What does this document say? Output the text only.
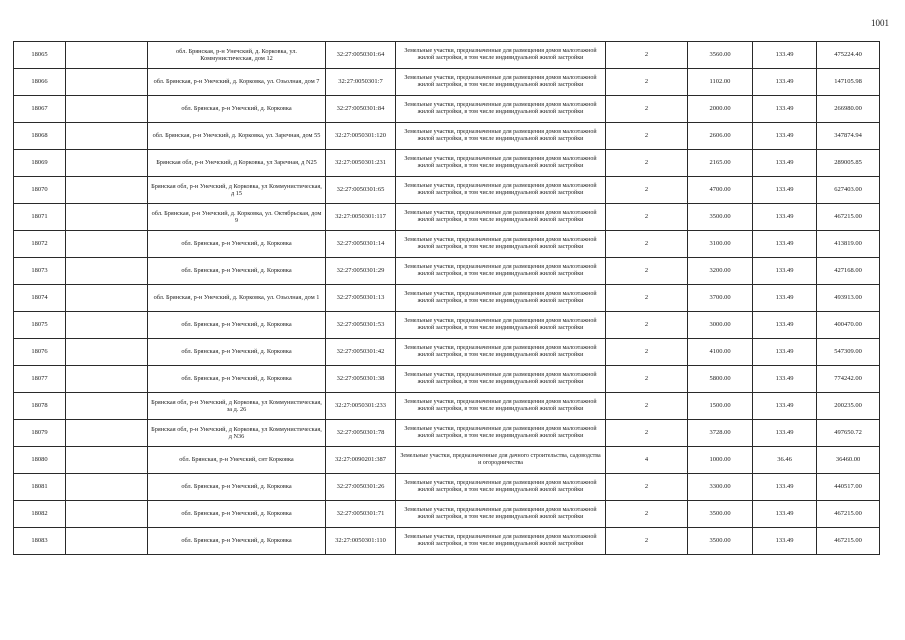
1001
18065		обл. Брянская, р-н Унечский, д. Корковка, ул. Коммунистическая, дом 12	32:27:0050301:64	Земельные участки, предназначенные для размещения домов малоэтажной жилой застройки, в том числе индивидуальной жилой застройки	2	3560.00	133.49	475224.40
18066		обл. Брянская, р-н Унечский, д. Корковка, ул. Озьолная, дом 7	32:27:0050301:7	Земельные участки, предназначенные для размещения домов малоэтажной жилой застройки, в том числе индивидуальной жилой застройки	2	1102.00	133.49	147105.98
18067		обл. Брянская, р-н Унечский, д. Корковка	32:27:0050301:84	Земельные участки, предназначенные для размещения домов малоэтажной жилой застройки, в том числе индивидуальной жилой застройки	2	2000.00	133.49	266980.00
18068		обл. Брянская, р-н Унечский, д. Корковка, ул. Заречная, дом 55	32:27:0050301:120	Земельные участки, предназначенные для размещения домов малоэтажной жилой застройки, в том числе индивидуальной жилой застройки	2	2606.00	133.49	347874.94
18069		Брянская обл, р-н Унечский, д Корковка, ул Заречная, д N25	32:27:0050301:231	Земельные участки, предназначенные для размещения домов малоэтажной жилой застройки, в том числе индивидуальной жилой застройки	2	2165.00	133.49	289005.85
18070		Брянская обл, р-н Унечский, д Корковка, ул Коммунистическая, д 15	32:27:0050301:65	Земельные участки, предназначенные для размещения домов малоэтажной жилой застройки, в том числе индивидуальной жилой застройки	2	4700.00	133.49	627403.00
18071		обл. Брянская, р-н Унечский, д. Корковка, ул. Октябрьская, дом 9	32:27:0050301:117	Земельные участки, предназначенные для размещения домов малоэтажной жилой застройки, в том числе индивидуальной жилой застройки	2	3500.00	133.49	467215.00
18072		обл. Брянская, р-н Унечский, д. Корковка	32:27:0050301:14	Земельные участки, предназначенные для размещения домов малоэтажной жилой застройки, в том числе индивидуальной жилой застройки	2	3100.00	133.49	413819.00
18073		обл. Брянская, р-н Унечский, д. Корковка	32:27:0050301:29	Земельные участки, предназначенные для размещения домов малоэтажной жилой застройки, в том числе индивидуальной жилой застройки	2	3200.00	133.49	427168.00
18074		обл. Брянская, р-н Унечский, д. Корковка, ул. Озьолная, дом 1	32:27:0050301:13	Земельные участки, предназначенные для размещения домов малоэтажной жилой застройки, в том числе индивидуальной жилой застройки	2	3700.00	133.49	493913.00
18075		обл. Брянская, р-н Унечский, д. Корковка	32:27:0050301:53	Земельные участки, предназначенные для размещения домов малоэтажной жилой застройки, в том числе индивидуальной жилой застройки	2	3000.00	133.49	400470.00
18076		обл. Брянская, р-н Унечский, д. Корковка	32:27:0050301:42	Земельные участки, предназначенные для размещения домов малоэтажной жилой застройки, в том числе индивидуальной жилой застройки	2	4100.00	133.49	547309.00
18077		обл. Брянская, р-н Унечский, д. Корковка	32:27:0050301:38	Земельные участки, предназначенные для размещения домов малоэтажной жилой застройки, в том числе индивидуальной жилой застройки	2	5800.00	133.49	774242.00
18078		Брянская обл, р-н Унечский, д Корковка, ул Коммунистическая, за д. 26	32:27:0050301:233	Земельные участки, предназначенные для размещения домов малоэтажной жилой застройки, в том числе индивидуальной жилой застройки	2	1500.00	133.49	200235.00
18079		Брянская обл, р-н Унечский, д Корковка, ул Коммунистическая, д N36	32:27:0050301:78	Земельные участки, предназначенные для размещения домов малоэтажной жилой застройки, в том числе индивидуальной жилой застройки	2	3728.00	133.49	497650.72
18080		обл. Брянская, р-н Унечский, снт Корковка	32:27:0090201:387	Земельные участки, предназначенные для дачного строительства, садоводства и огородничества	4	1000.00	36.46	36460.00
18081		обл. Брянская, р-н Унечский, д. Корковка	32:27:0050301:26	Земельные участки, предназначенные для размещения домов малоэтажной жилой застройки, в том числе индивидуальной жилой застройки	2	3300.00	133.49	440517.00
18082		обл. Брянская, р-н Унечский, д. Корковка	32:27:0050301:71	Земельные участки, предназначенные для размещения домов малоэтажной жилой застройки, в том числе индивидуальной жилой застройки	2	3500.00	133.49	467215.00
18083		обл. Брянская, р-н Унечский, д. Корковка	32:27:0050301:110	Земельные участки, предназначенные для размещения домов малоэтажной жилой застройки, в том числе индивидуальной жилой застройки	2	3500.00	133.49	467215.00
